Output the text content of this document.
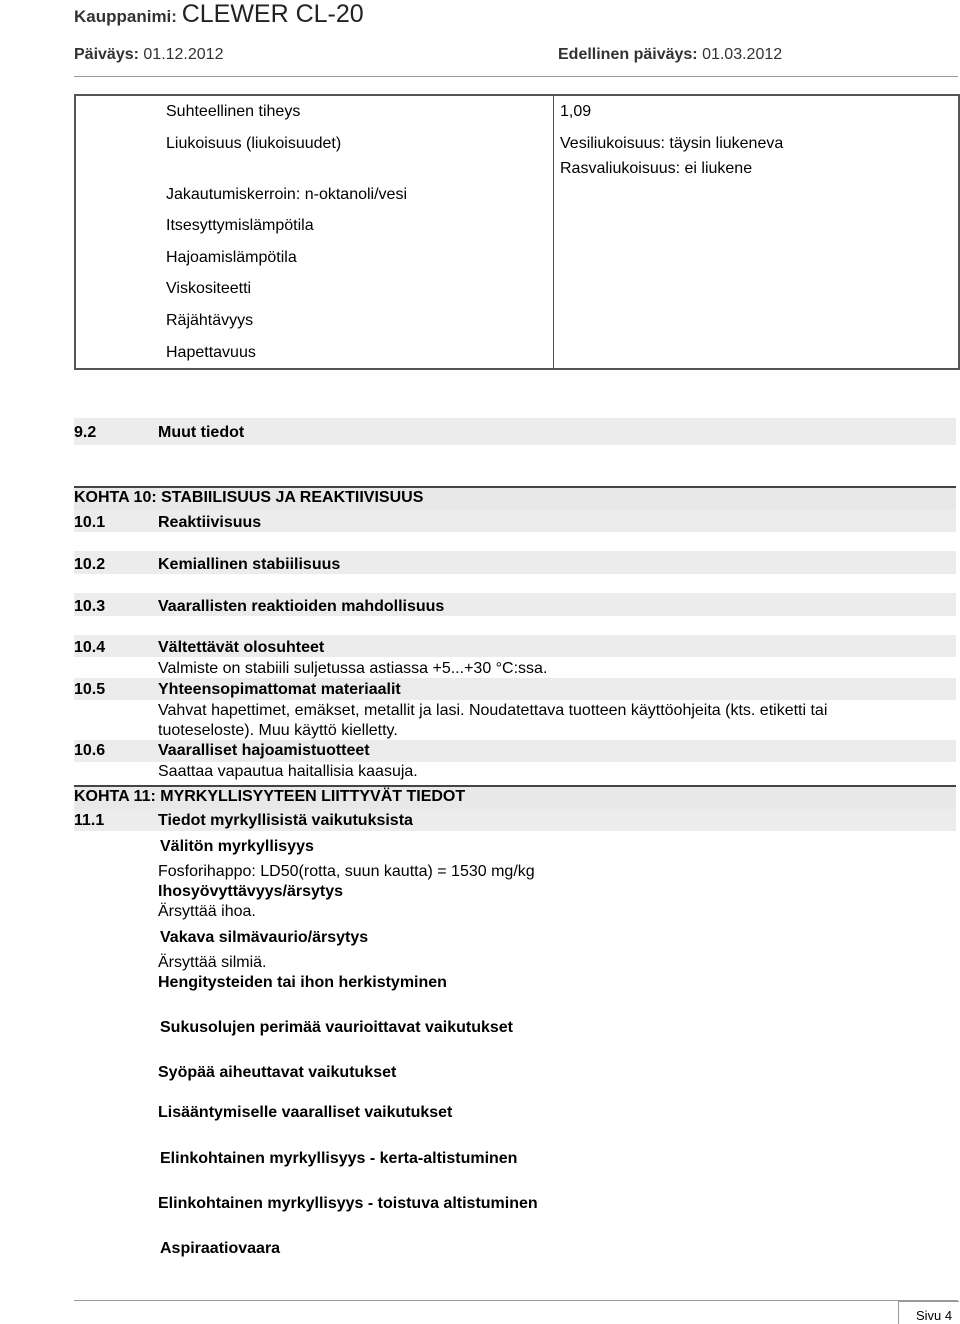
Kauppanimi: CLEWER CL-20
Päiväys: 01.12.2012	Edellinen päiväys: 01.03.2012
Suhteellinen tiheys	1,09
Liukoisuus (liukoisuudet)	Vesiliukoisuus: täysin liukeneva
Rasvaliukoisuus: ei liukene
Jakautumiskerroin: n-oktanoli/vesi
Itsesyttymislämpötila
Hajoamislämpötila
Viskositeetti
Räjähtävyys
Hapettavuus
9.2	Muut tiedot
KOHTA 10: STABIILISUUS JA REAKTIIVISUUS
10.1	Reaktiivisuus
10.2	Kemiallinen stabiilisuus
10.3	Vaarallisten reaktioiden mahdollisuus
10.4	Vältettävät olosuhteet
Valmiste on stabiili suljetussa astiassa +5...+30 °C:ssa.
10.5	Yhteensopimattomat materiaalit
Vahvat hapettimet, emäkset, metallit ja lasi. Noudatettava tuotteen käyttöohjeita (kts. etiketti tai
tuoteseloste). Muu käyttö kielletty.
10.6	Vaaralliset hajoamistuotteet
Saattaa vapautua haitallisia kaasuja.
KOHTA 11: MYRKYLLISYYTEEN LIITTYVÄT TIEDOT
11.1	Tiedot myrkyllisistä vaikutuksista
Välitön myrkyllisyys
Fosforihappo: LD50(rotta, suun kautta) = 1530 mg/kg
Ihosyövyttävyys/ärsytys
Ärsyttää ihoa.
Vakava silmävaurio/ärsytys
Ärsyttää silmiä.
Hengitysteiden tai ihon herkistyminen
Sukusolujen perimää vaurioittavat vaikutukset
Syöpää aiheuttavat vaikutukset
Lisääntymiselle vaaralliset vaikutukset
Elinkohtainen myrkyllisyys - kerta-altistuminen
Elinkohtainen myrkyllisyys - toistuva altistuminen
Aspiraatiovaara
Sivu 4
